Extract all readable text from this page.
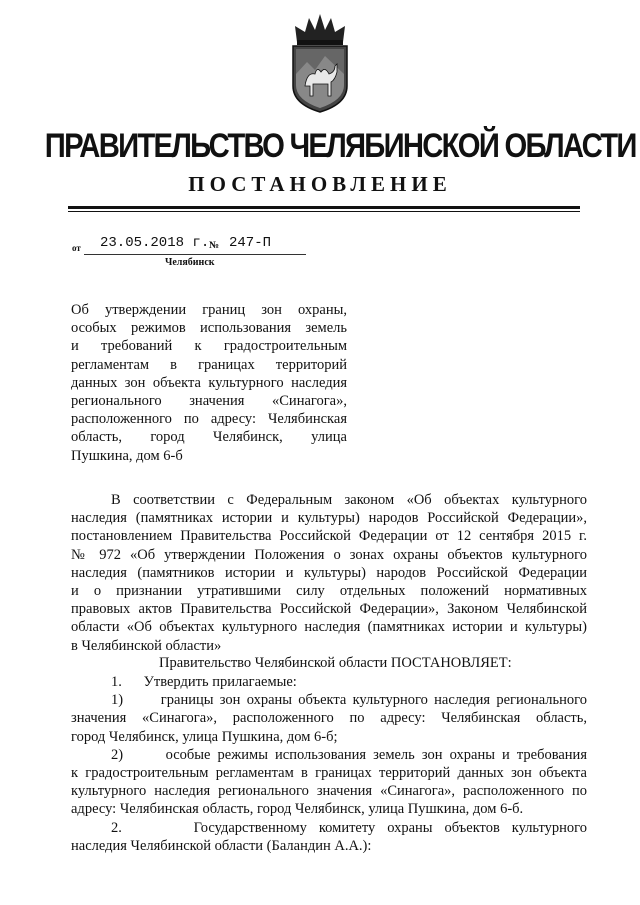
ПРАВИТЕЛЬСТВО ЧЕЛЯБИНСКОЙ ОБЛАСТИ
ПОСТАНОВЛЕНИЕ
от 23.05.2018 г. № 247-П
Челябинск
Об утверждении границ зон охраны,
особых режимов использования земель
и требований к градостроительным
регламентам в границах территорий
данных зон объекта культурного наследия
регионального значения «Синагога»,
расположенного по адресу: Челябинская
область, город Челябинск, улица
Пушкина, дом 6-б
В соответствии с Федеральным законом «Об объектах культурного
наследия (памятниках истории и культуры) народов Российской Федерации»,
постановлением Правительства Российской Федерации от 12 сентября 2015 г.
№ 972 «Об утверждении Положения о зонах охраны объектов культурного
наследия (памятников истории и культуры) народов Российской Федерации
и о признании утратившими силу отдельных положений нормативных
правовых актов Правительства Российской Федерации», Законом Челябинской
области «Об объектах культурного наследия (памятниках истории и культуры)
в Челябинской области»
Правительство Челябинской области ПОСТАНОВЛЯЕТ:
1.      Утвердить прилагаемые:
1)      границы зон охраны объекта культурного наследия регионального
значения «Синагога», расположенного по адресу: Челябинская область,
город Челябинск, улица Пушкина, дом 6-б;
2)      особые режимы использования земель зон охраны и требования
к градостроительным регламентам в границах территорий данных зон объекта
культурного наследия регионального значения «Синагога», расположенного по
адресу: Челябинская область, город Челябинск, улица Пушкина, дом 6-б.
2.      Государственному комитету охраны объектов культурного
наследия Челябинской области (Баландин А.А.):
